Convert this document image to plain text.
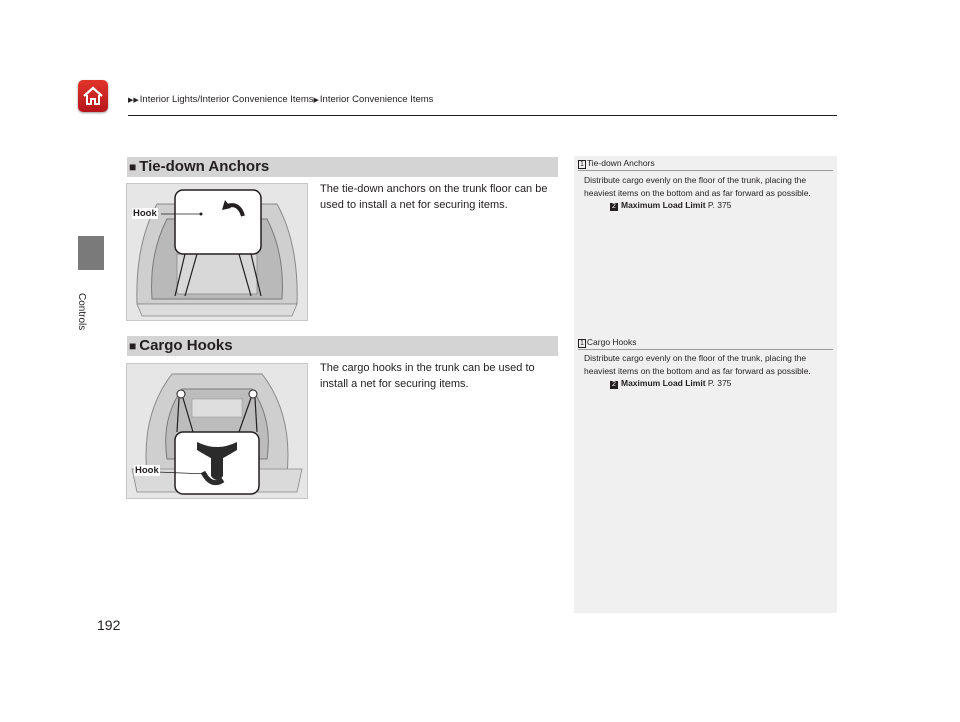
▶▶Interior Lights/Interior Convenience Items▶Interior Convenience Items
Controls
192
■ Tie-down Anchors
Hook
The tie-down anchors on the trunk floor can be used to install a net for securing items.
■ Cargo Hooks
Hook
The cargo hooks in the trunk can be used to install a net for securing items.
1 Tie-down Anchors
Distribute cargo evenly on the floor of the trunk, placing the heaviest items on the bottom and as far forward as possible.
2 Maximum Load Limit P. 375
1 Cargo Hooks
Distribute cargo evenly on the floor of the trunk, placing the heaviest items on the bottom and as far forward as possible.
2 Maximum Load Limit P. 375
